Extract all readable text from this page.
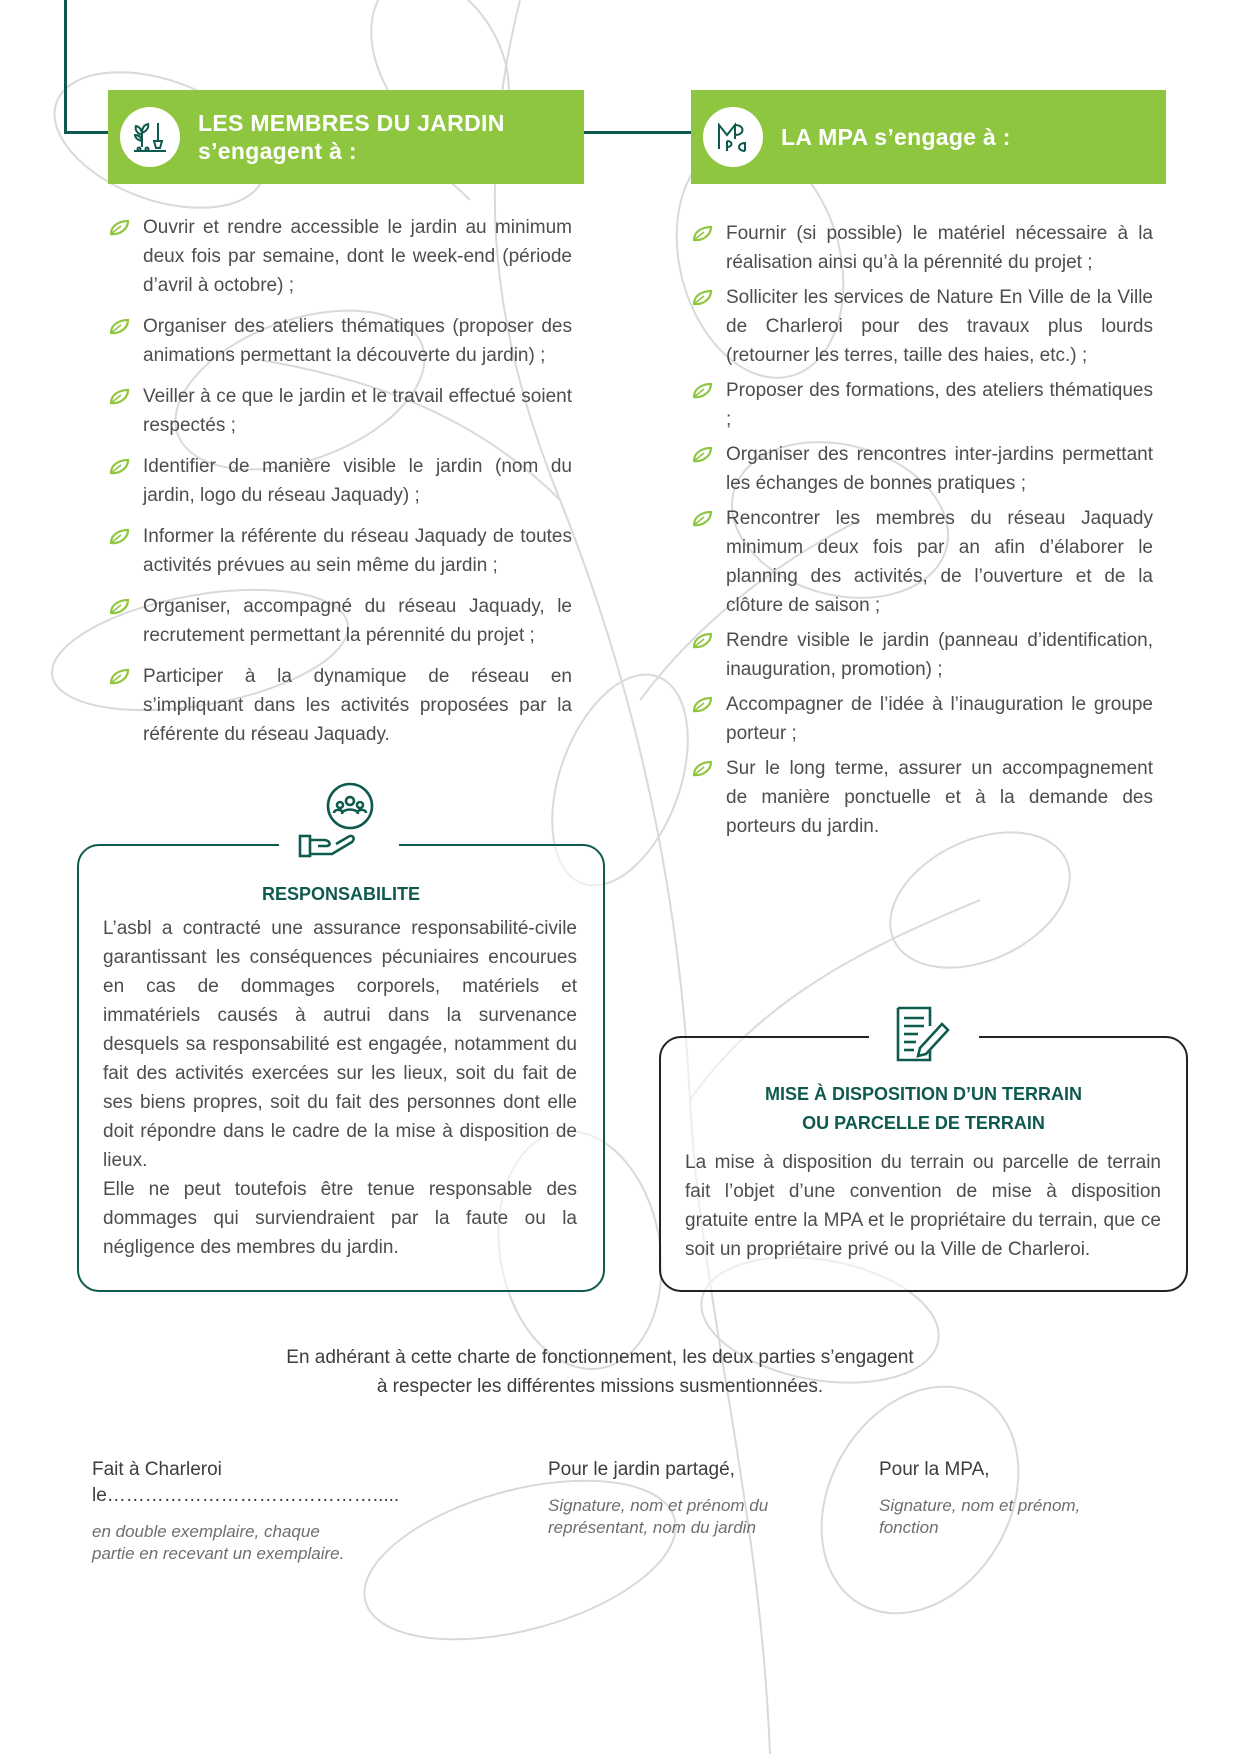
LES MEMBRES DU JARDIN
s’engagent à :
LA MPA s’engage à :
Ouvrir et rendre accessible le jardin au minimum deux fois par semaine, dont le week-end (période d’avril à octobre) ;
Organiser des ateliers thématiques (proposer des animations permettant la découverte du jardin) ;
Veiller à ce que le jardin et le travail effectué soient respectés ;
Identifier de manière visible le jardin (nom du jardin, logo du réseau Jaquady) ;
Informer la référente du réseau Jaquady de toutes activités prévues au sein même du jardin ;
Organiser, accompagné du réseau Jaquady, le recrutement permettant la pérennité du projet ;
Participer à la dynamique de réseau en s’impliquant dans les activités proposées par la référente du réseau Jaquady.
Fournir (si possible) le matériel nécessaire à la réalisation ainsi qu’à la pérennité du projet ;
Solliciter les services de Nature En Ville de la Ville de Charleroi pour des travaux plus lourds (retourner les terres, taille des haies, etc.) ;
Proposer des formations, des ateliers thématiques ;
Organiser des rencontres inter-jardins permettant les échanges de bonnes pratiques ;
Rencontrer les membres du réseau Jaquady minimum deux fois par an afin d’élaborer le planning des activités, de l’ouverture et de la clôture de saison ;
Rendre visible le jardin (panneau d’identification, inauguration, promotion) ;
Accompagner de l’idée à l’inauguration le groupe porteur ;
Sur le long terme, assurer un accompagnement de manière ponctuelle et à la demande des porteurs du jardin.
RESPONSABILITE
L’asbl a contracté une assurance responsabilité-civile garantissant les conséquences pécuniaires encourues en cas de dommages corporels, matériels et immatériels causés à autrui dans la survenance desquels sa responsabilité est engagée, notamment du fait des activités exercées sur les lieux, soit du fait de ses biens propres, soit du fait des personnes dont elle doit répondre dans le cadre de la mise à disposition de lieux.
Elle ne peut toutefois être tenue responsable des dommages qui surviendraient par la faute ou la négligence des membres du jardin.
MISE À DISPOSITION D’UN TERRAIN
OU PARCELLE DE TERRAIN
La mise à disposition du terrain ou parcelle de terrain fait l’objet d’une convention de mise à disposition gratuite entre la MPA et le propriétaire du terrain, que ce soit un propriétaire privé ou la Ville de Charleroi.
En adhérant à cette charte de fonctionnement, les deux parties s’engagent
à respecter les différentes missions susmentionnées.
Fait à Charleroi le…………………………………….....
en double exemplaire, chaque partie en recevant un exemplaire.
Pour le jardin partagé,
Signature, nom et prénom du représentant, nom du jardin
Pour la MPA,
Signature, nom et prénom, fonction
